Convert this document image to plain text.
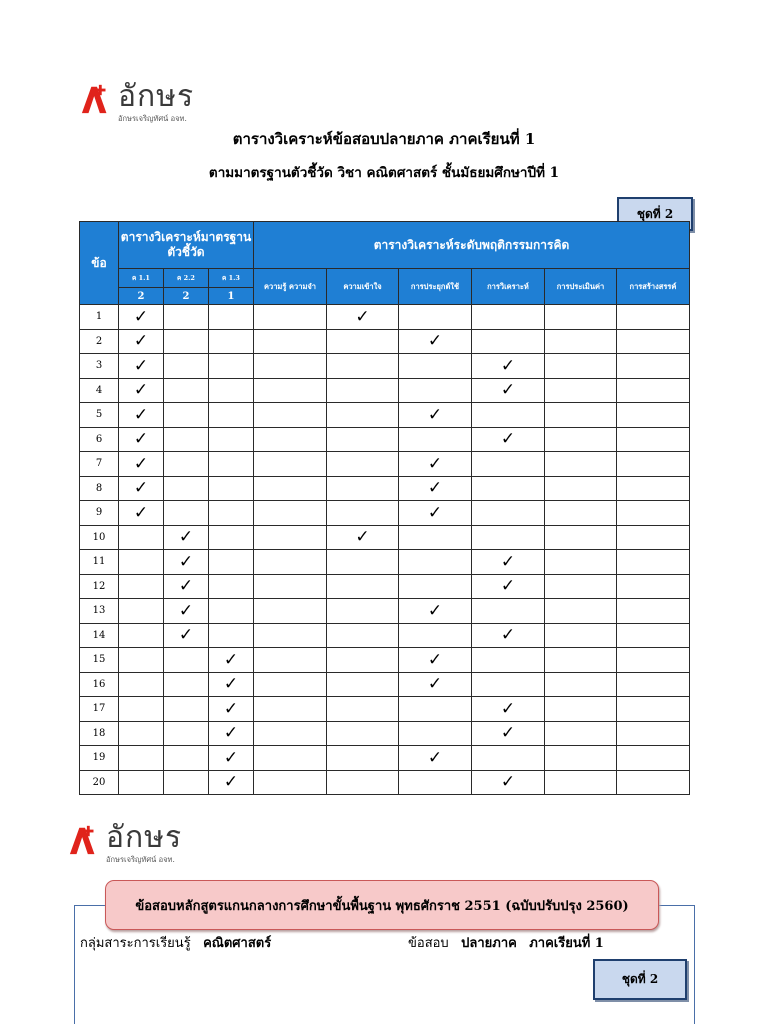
อักษร
อักษรเจริญทัศน์ อจท.
ตารางวิเคราะห์ข้อสอบปลายภาค ภาคเรียนที่ 1
ตามมาตรฐานตัวชี้วัด วิชา คณิตศาสตร์ ชั้นมัธยมศึกษาปีที่ 1
ชุดที่ 2
ข้อ	ตารางวิเคราะห์มาตรฐานตัวชี้วัด			ตารางวิเคราะห์ระดับพฤติกรรมการคิด					
	ค 1.1	ค 2.2	ค 1.3	ความรู้ ความจำ	ความเข้าใจ	การประยุกต์ใช้	การวิเคราะห์	การประเมินค่า	การสร้างสรรค์
	2	2	1						
1	✓				✓				
2	✓					✓			
3	✓						✓		
4	✓						✓		
5	✓					✓			
6	✓						✓		
7	✓					✓			
8	✓					✓			
9	✓					✓			
10		✓			✓				
11		✓					✓		
12		✓					✓		
13		✓				✓			
14		✓					✓		
15			✓			✓			
16			✓			✓			
17			✓				✓		
18			✓				✓		
19			✓			✓			
20			✓				✓		
อักษร
อักษรเจริญทัศน์ อจท.
ข้อสอบหลักสูตรแกนกลางการศึกษาขั้นพื้นฐาน พุทธศักราช 2551 (ฉบับปรับปรุง 2560)
กลุ่มสาระการเรียนรู้ คณิตศาสตร์	ข้อสอบ ปลายภาค ภาคเรียนที่ 1
ชุดที่ 2
